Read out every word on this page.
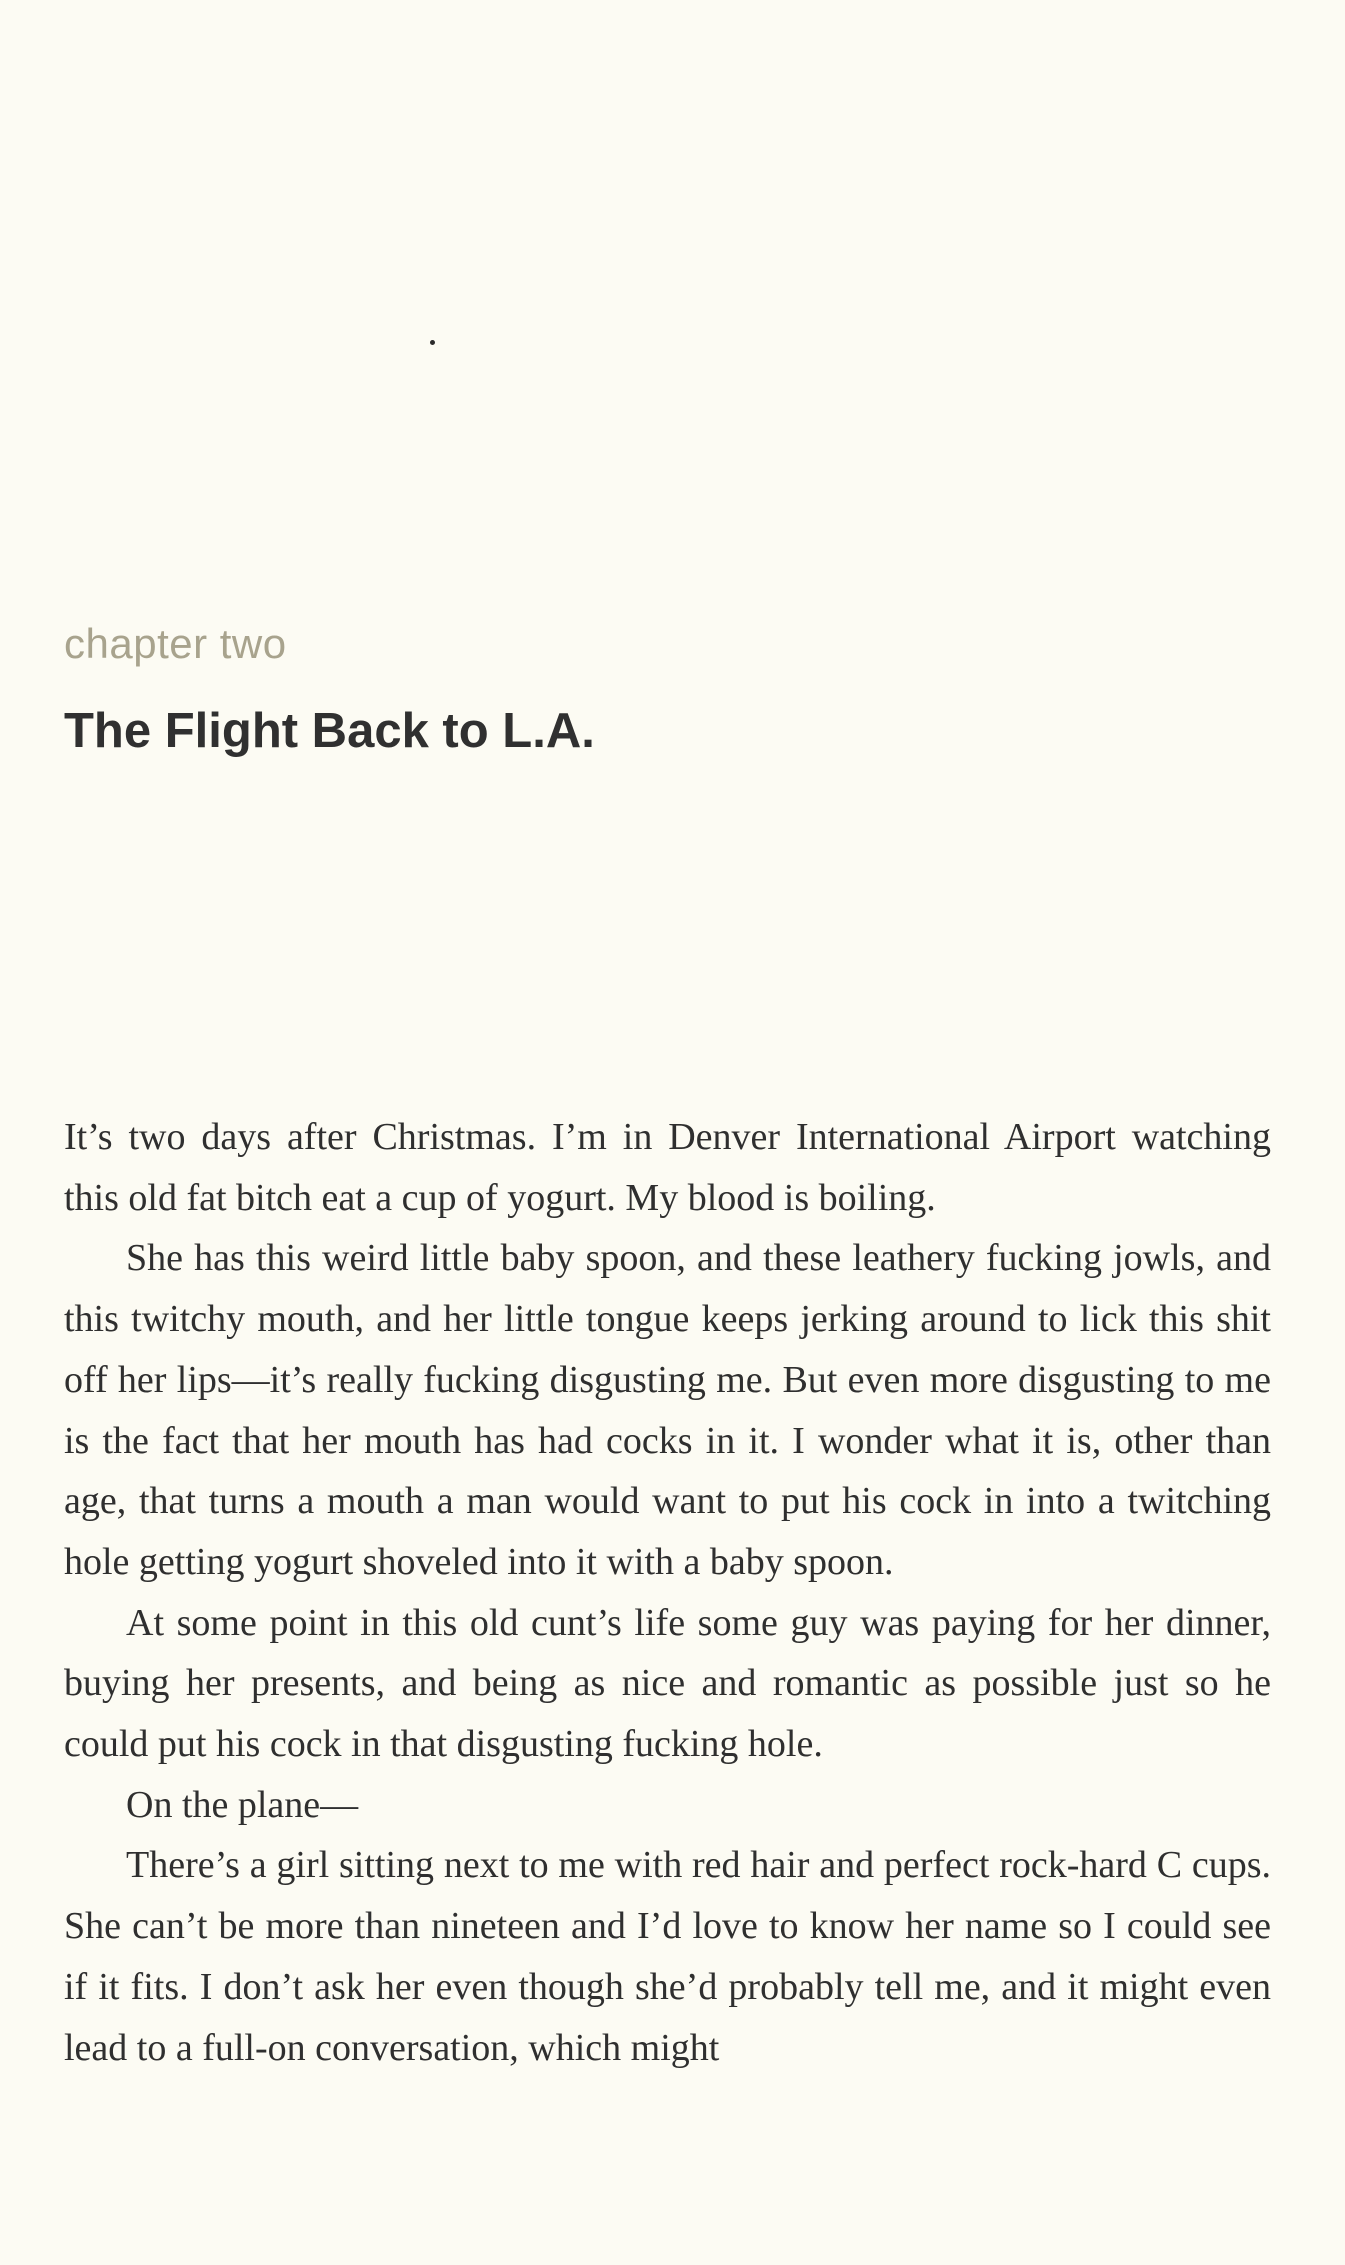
chapter two
The Flight Back to L.A.

It’s two days after Christmas. I’m in Denver International Airport watching this old fat bitch eat a cup of yogurt. My blood is boiling.

She has this weird little baby spoon, and these leathery fucking jowls, and this twitchy mouth, and her little tongue keeps jerking around to lick this shit off her lips—it’s really fucking disgusting me. But even more disgusting to me is the fact that her mouth has had cocks in it. I wonder what it is, other than age, that turns a mouth a man would want to put his cock in into a twitching hole getting yogurt shoveled into it with a baby spoon.

At some point in this old cunt’s life some guy was paying for her dinner, buying her presents, and being as nice and romantic as possible just so he could put his cock in that disgusting fucking hole.

On the plane—

There’s a girl sitting next to me with red hair and perfect rock-hard C cups. She can’t be more than nineteen and I’d love to know her name so I could see if it fits. I don’t ask her even though she’d probably tell me, and it might even lead to a full-on conversation, which might
